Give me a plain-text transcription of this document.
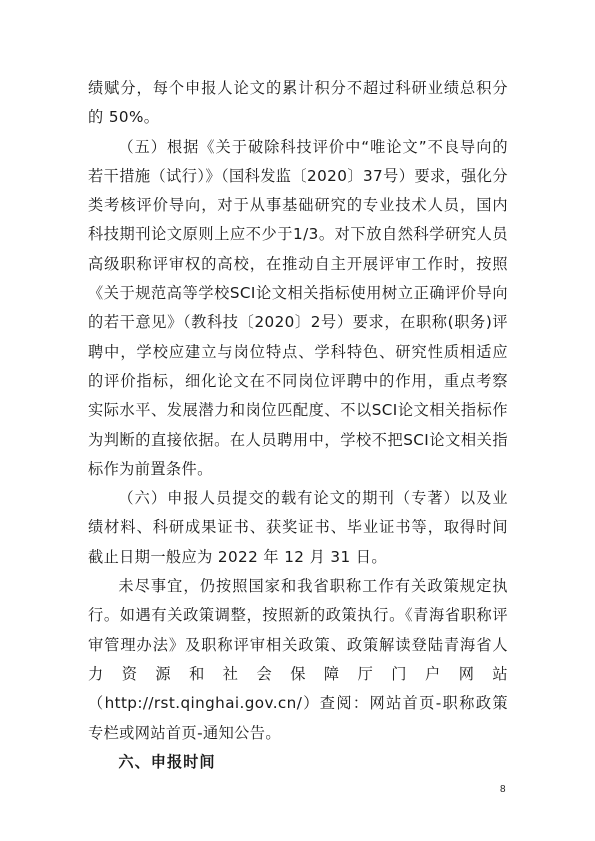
绩赋分，每个申报人论文的累计积分不超过科研业绩总积分的 50%。

（五）根据《关于破除科技评价中“唯论文”不良导向的若干措施（试行）》（国科发监〔2020〕37号）要求，强化分类考核评价导向，对于从事基础研究的专业技术人员，国内科技期刊论文原则上应不少于1/3。对下放自然科学研究人员高级职称评审权的高校，在推动自主开展评审工作时，按照《关于规范高等学校SCI论文相关指标使用树立正确评价导向的若干意见》（教科技〔2020〕2号）要求，在职称(职务)评聘中，学校应建立与岗位特点、学科特色、研究性质相适应的评价指标，细化论文在不同岗位评聘中的作用，重点考察实际水平、发展潜力和岗位匹配度、不以SCI论文相关指标作为判断的直接依据。在人员聘用中，学校不把SCI论文相关指标作为前置条件。

（六）申报人员提交的载有论文的期刊（专著）以及业绩材料、科研成果证书、获奖证书、毕业证书等，取得时间截止日期一般应为 2022 年 12 月 31 日。

未尽事宜，仍按照国家和我省职称工作有关政策规定执行。如遇有关政策调整，按照新的政策执行。《青海省职称评审管理办法》及职称评审相关政策、政策解读登陆青海省人力资源和社会保障厅门户网站（http://rst.qinghai.gov.cn/）查阅：网站首页-职称政策专栏或网站首页-通知公告。

六、申报时间

8
